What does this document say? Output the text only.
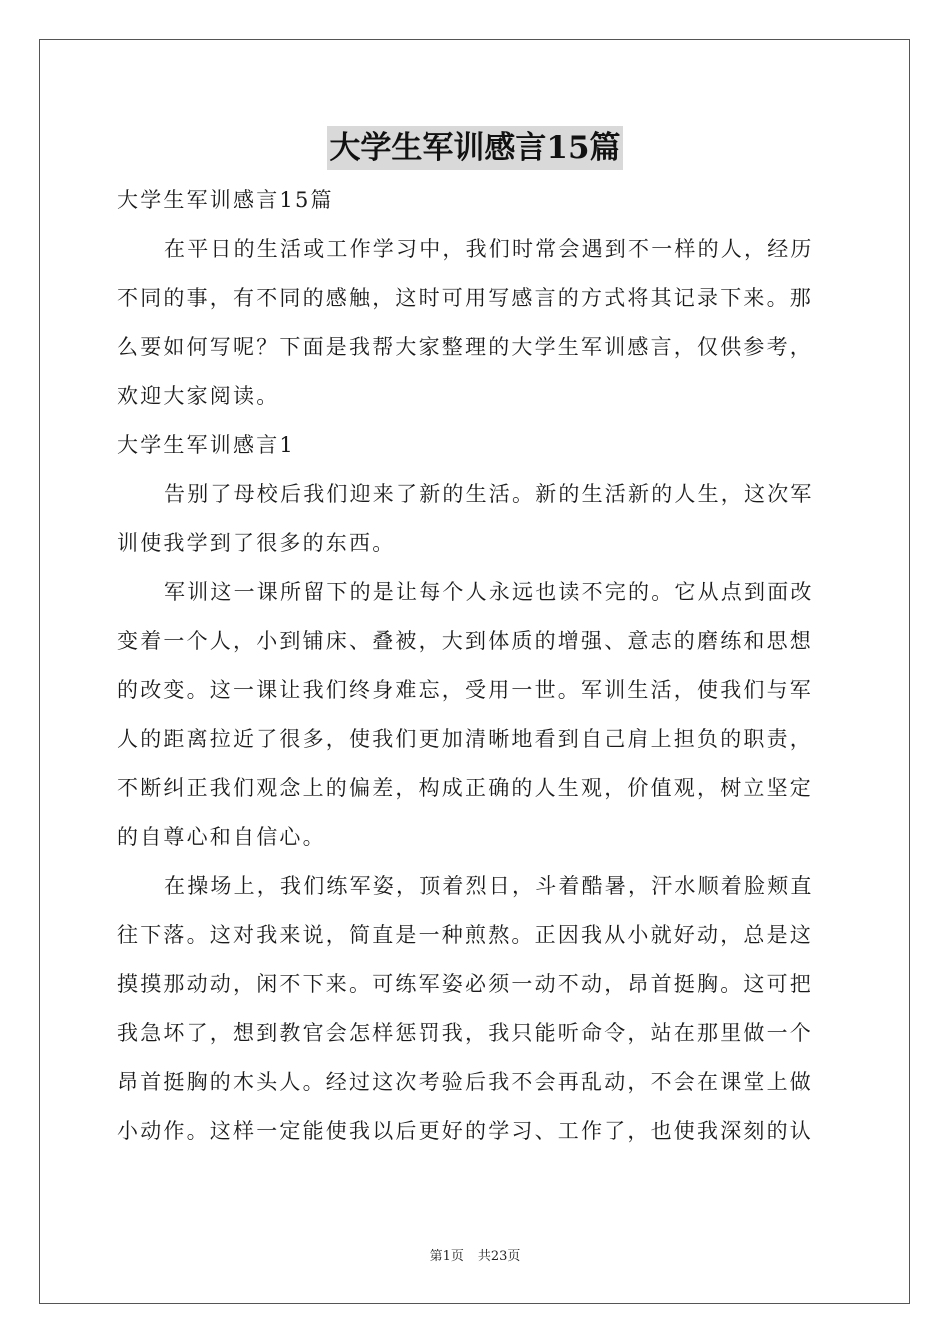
大学生军训感言15篇

大学生军训感言15篇

在平日的生活或工作学习中，我们时常会遇到不一样的人，经历

不同的事，有不同的感触，这时可用写感言的方式将其记录下来。那

么要如何写呢？下面是我帮大家整理的大学生军训感言，仅供参考，

欢迎大家阅读。

大学生军训感言1

告别了母校后我们迎来了新的生活。新的生活新的人生，这次军

训使我学到了很多的东西。

军训这一课所留下的是让每个人永远也读不完的。它从点到面改

变着一个人，小到铺床、叠被，大到体质的增强、意志的磨练和思想

的改变。这一课让我们终身难忘，受用一世。军训生活，使我们与军

人的距离拉近了很多，使我们更加清晰地看到自己肩上担负的职责，

不断纠正我们观念上的偏差，构成正确的人生观，价值观，树立坚定

的自尊心和自信心。

在操场上，我们练军姿，顶着烈日，斗着酷暑，汗水顺着脸颊直

往下落。这对我来说，简直是一种煎熬。正因我从小就好动，总是这

摸摸那动动，闲不下来。可练军姿必须一动不动，昂首挺胸。这可把

我急坏了，想到教官会怎样惩罚我，我只能听命令，站在那里做一个

昂首挺胸的木头人。经过这次考验后我不会再乱动，不会在课堂上做

小动作。这样一定能使我以后更好的学习、工作了，也使我深刻的认

第1页 共23页
